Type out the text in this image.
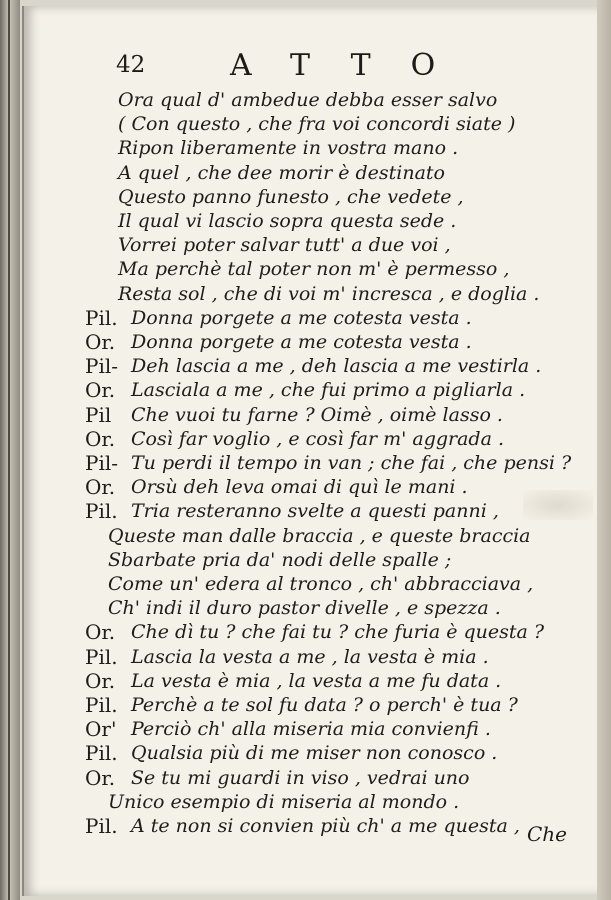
42	ATTO
Ora qual d' ambedue debba esser salvo
( Con questo , che fra voi concordi siate )
Ripon liberamente in vostra mano .
A quel , che dee morir è destinato
Questo panno funesto , che vedete ,
Il qual vi lascio sopra questa sede .
Vorrei poter salvar tutt' a due voi ,
Ma perchè tal poter non m' è permesso ,
Resta sol , che di voi m' incresca , e doglia .
Pil. Donna porgete a me cotesta vesta .
Or. Donna porgete a me cotesta vesta .
Pil- Deh lascia a me , deh lascia a me vestirla .
Or. Lasciala a me , che fui primo a pigliarla .
Pil Che vuoi tu farne ? Oimè , oimè lasso .
Or. Così far voglio , e così far m' aggrada .
Pil- Tu perdi il tempo in van ; che fai , che pensi ?
Or. Orsù deh leva omai di quì le mani .
Pil. Tria resteranno svelte a questi panni ,
Queste man dalle braccia , e queste braccia
Sbarbate pria da' nodi delle spalle ;
Come un' edera al tronco , ch' abbracciava ,
Ch' indi il duro pastor divelle , e spezza .
Or. Che dì tu ? che fai tu ? che furia è questa ?
Pil. Lascia la vesta a me , la vesta è mia .
Or. La vesta è mia , la vesta a me fu data .
Pil. Perchè a te sol fu data ? o perch' è tua ?
Or' Perciò ch' alla miseria mia convienfi .
Pil. Qualsia più di me miser non conosco .
Or. Se tu mi guardi in viso , vedrai uno
Unico esempio di miseria al mondo .
Pil. A te non si convien più ch' a me questa , Che
